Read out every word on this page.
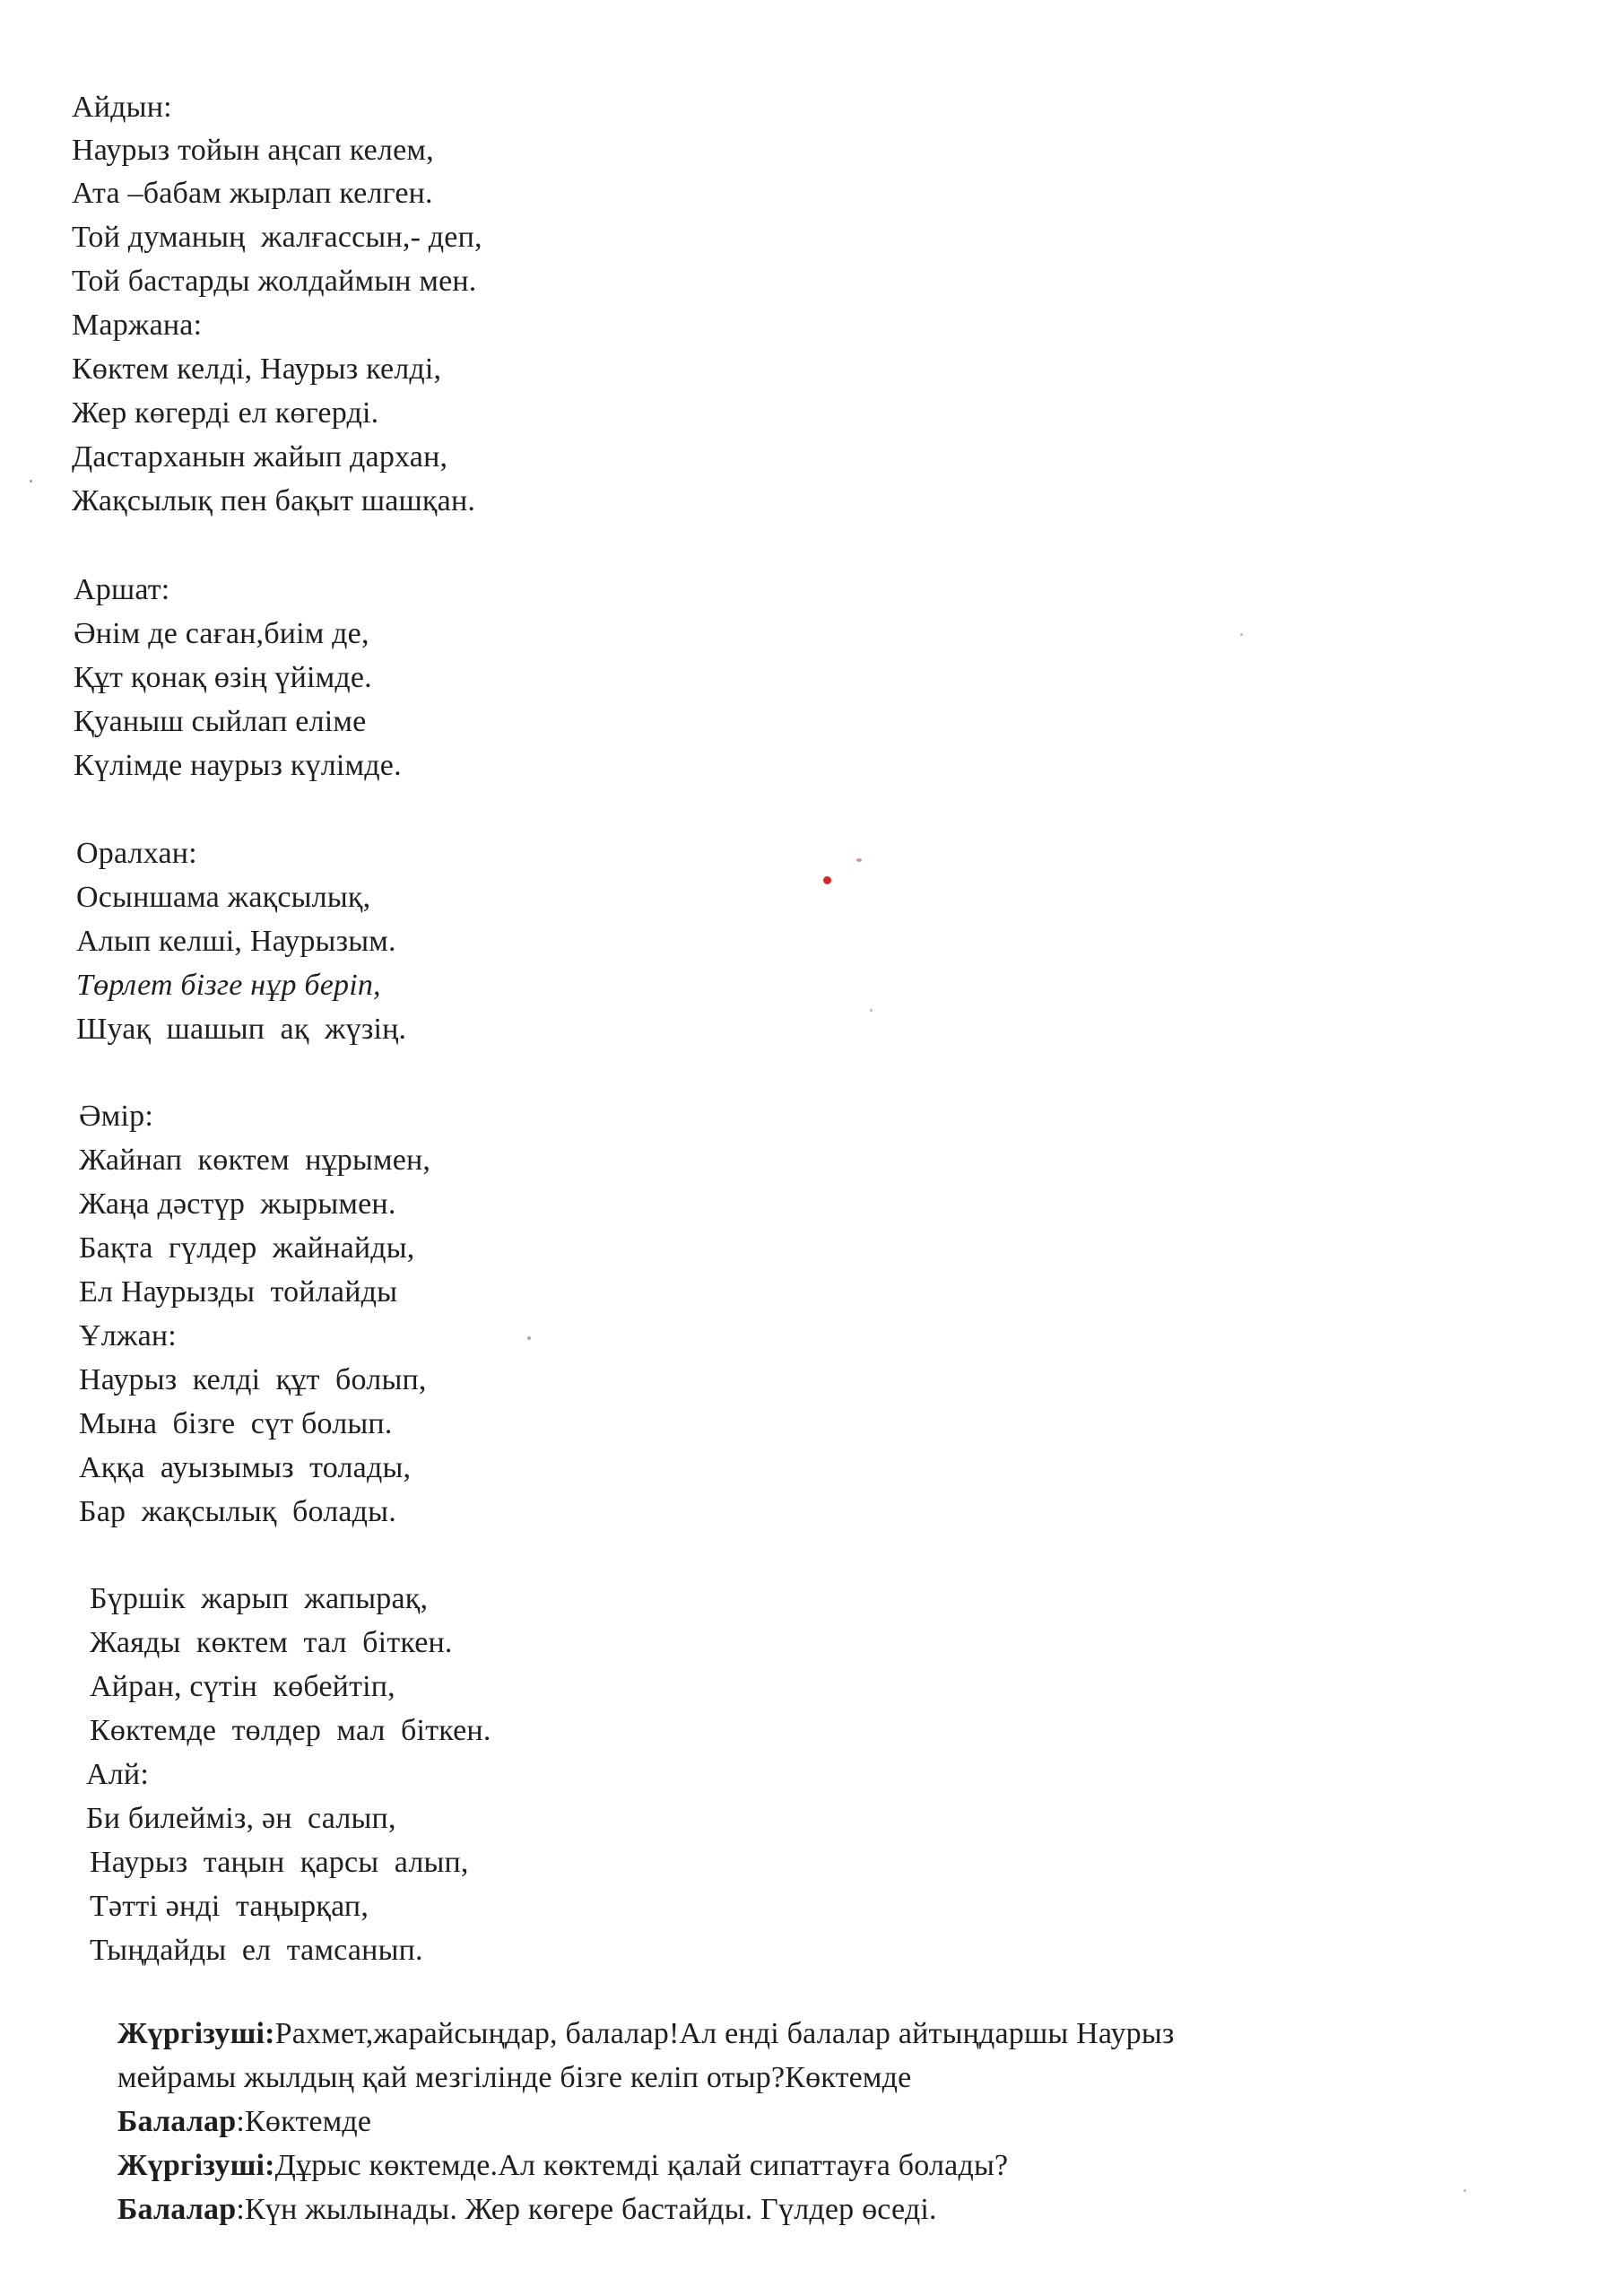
Айдын:
Наурыз тойын аңсап келем,
Ата –бабам жырлап келген.
Той думаның  жалғассын,- деп,
Той бастарды жолдаймын мен.
Маржана:
Көктем келді, Наурыз келді,
Жер көгерді ел көгерді.
Дастарханын жайып дархан,
Жақсылық пен бақыт шашқан.
Аршат:
Әнім де саған,биім де,
Құт қонақ өзің үйімде.
Қуаныш сыйлап еліме
Күлімде наурыз күлімде.
Оралхан:
Осыншама жақсылық,
Алып келші, Наурызым.
Төрлет бізге нұр беріп,
Шуақ  шашып  ақ  жүзің.
Әмір:
Жайнап  көктем  нұрымен,
Жаңа дәстүр  жырымен.
Бақта  гүлдер  жайнайды,
Ел Наурызды  тойлайды
Ұлжан:
Наурыз  келді  құт  болып,
Мына  бізге  сүт болып.
Аққа  ауызымыз  толады,
Бар  жақсылық  болады.
Бүршік  жарып  жапырақ,
Жаяды  көктем  тал  біткен.
Айран, сүтін  көбейтіп,
Көктемде  төлдер  мал  біткен.
Алй:
Би билейміз, ән  салып,
Наурыз  таңын  қарсы  алып,
Тәтті әнді  таңырқап,
Тыңдайды  ел  тамсанып.

Жүргізуші:Рахмет,жарайсыңдар, балалар!Ал енді балалар айтыңдаршы Наурыз

мейрамы жылдың қай мезгілінде бізге келіп отыр?Көктемде

Балалар:Көктемде

Жүргізуші:Дұрыс көктемде.Ал көктемді қалай сипаттауға болады?

Балалар:Күн жылынады. Жер көгере бастайды. Гүлдер өседі.
